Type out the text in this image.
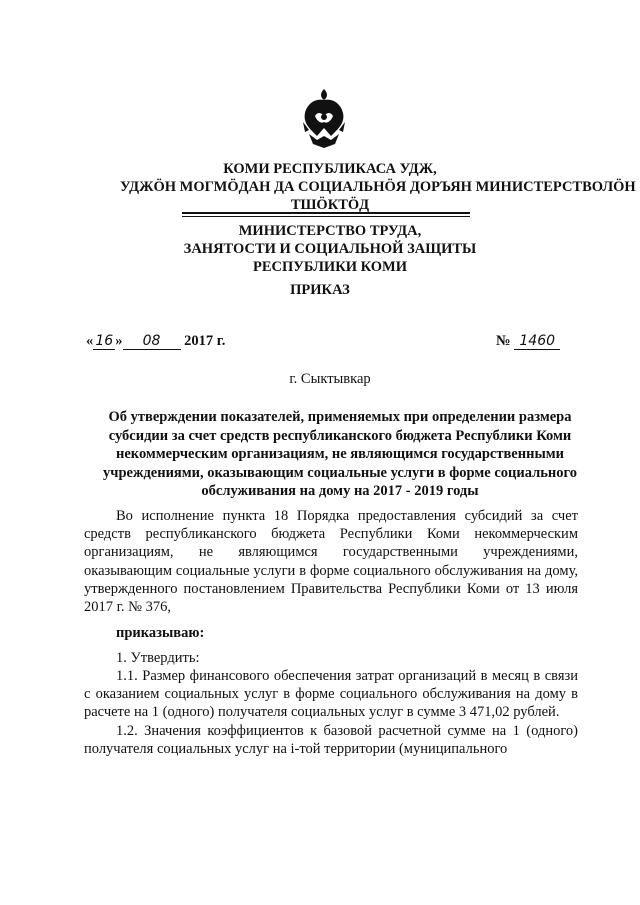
КОМИ РЕСПУБЛИКАСА УДЖ,
УДЖÖН МОГМÖДАН ДА СОЦИАЛЬНÖЯ ДОРЪЯН МИНИСТЕРСТВОЛÖН
ТШÖКТÖД
МИНИСТЕРСТВО ТРУДА,
ЗАНЯТОСТИ И СОЦИАЛЬНОЙ ЗАЩИТЫ
РЕСПУБЛИКИ КОМИ
ПРИКАЗ
« 16 » 08 2017 г.	№ 1460
г. Сыктывкар
Об утверждении показателей, применяемых при определении размера
субсидии за счет средств республиканского бюджета Республики Коми
некоммерческим организациям, не являющимся государственными
учреждениями, оказывающим социальные услуги в форме социального
обслуживания на дому на 2017 - 2019 годы
Во исполнение пункта 18 Порядка предоставления субсидий за счет средств республиканского бюджета Республики Коми некоммерческим организациям, не являющимся государственными учреждениями, оказывающим социальные услуги в форме социального обслуживания на дому, утвержденного постановлением Правительства Республики Коми от 13 июля 2017 г. № 376,
приказываю:
1. Утвердить:
1.1. Размер финансового обеспечения затрат организаций в месяц в связи с оказанием социальных услуг в форме социального обслуживания на дому в расчете на 1 (одного) получателя социальных услуг в сумме 3 471,02 рублей.
1.2. Значения коэффициентов к базовой расчетной сумме на 1 (одного) получателя социальных услуг на i-той территории (муниципального
